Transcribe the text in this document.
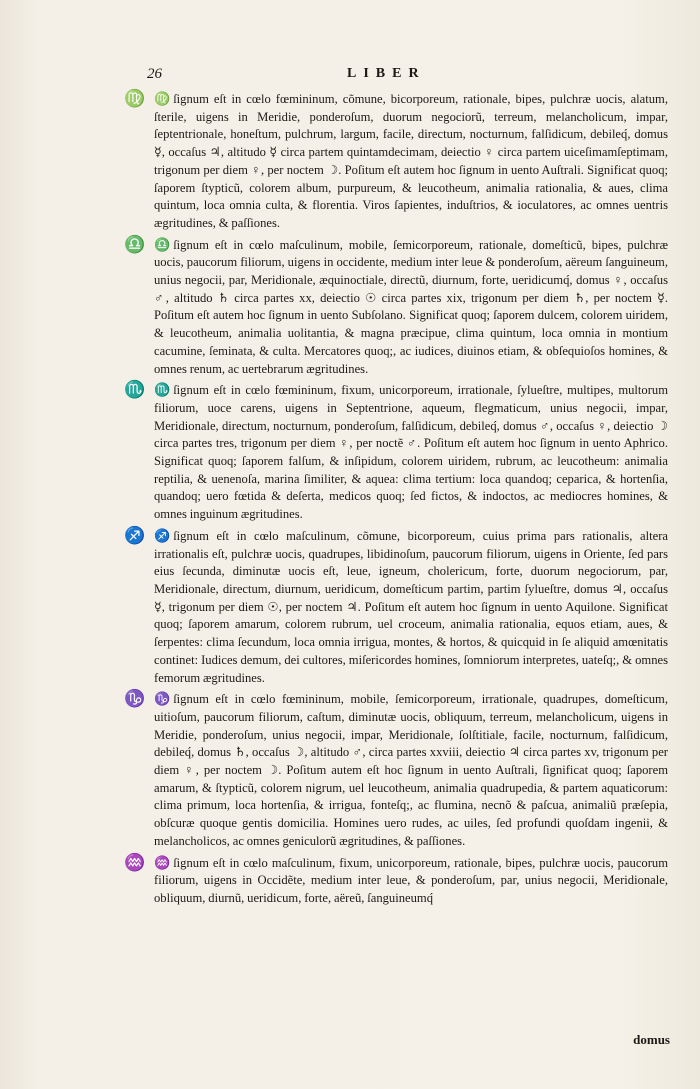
26	LIBER
♍ ♍ ſignum eſt in cœlo fœmininum, cõmune, bicorporeum, rationale, bipes, pulchræ uocis, alatum, ſterile, uigens in Meridie, ponderoſum, duorum negociorũ, terreum, melancholicum, impar, ſeptentrionale, honeſtum, pulchrum, largum, facile, directum, nocturnum, falſidicum, debileq́, domus ☿, occaſus ♃, altitudo ☿ circa partem quintamdecimam, deiectio ♀ circa partem uiceſimamſeptimam, trigonum per diem ♀, per noctem ☽. Poſitum eſt autem hoc ſignum in uento Auſtrali. Significat quoq; ſaporem ſtypticũ, colorem album, purpureum, & leucotheum, animalia rationalia, & aues, clima quintum, loca omnia culta, & florentia. Viros ſapientes, induſtrios, & ioculatores, ac omnes uentris ægritudines, & paſſiones.
♎ ♎ ſignum eſt in cœlo maſculinum, mobile, ſemicorporeum, rationale, domeſticũ, bipes, pulchræ uocis, paucorum filiorum, uigens in occidente, medium inter leue & ponderoſum, aëreum ſanguineum, unius negocii, par, Meridionale, æquinoctiale, directũ, diurnum, forte, ueridicumq́, domus ♀, occaſus ♂, altitudo ♄ circa partes xx, deiectio ☉ circa partes xix, trigonum per diem ♄, per noctem ☿. Poſitum eſt autem hoc ſignum in uento Subſolano. Significat quoq; ſaporem dulcem, colorem uiridem, & leucotheum, animalia uolitantia, & magna præcipue, clima quintum, loca omnia in montium cacumine, ſeminata, & culta. Mercatores quoq;, ac iudices, diuinos etiam, & obſequioſos homines, & omnes renum, ac uertebrarum ægritudines.
♏ ♏ ſignum eſt in cœlo fœmininum, fixum, unicorporeum, irrationale, ſylueſtre, multipes, multorum filiorum, uoce carens, uigens in Septentrione, aqueum, flegmaticum, unius negocii, impar, Meridionale, directum, nocturnum, ponderoſum, falſidicum, debileq́, domus ♂, occaſus ♀, deiectio ☽ circa partes tres, trigonum per diem ♀, per noctẽ ♂. Poſitum eſt autem hoc ſignum in uento Aphrico. Significat quoq; ſaporem falſum, & inſipidum, colorem uiridem, rubrum, ac leucotheum: animalia reptilia, & uenenoſa, marina ſimiliter, & aquea: clima tertium: loca quandoq; ceparica, & hortenſia, quandoq; uero fœtida & deſerta, medicos quoq; ſed fictos, & indoctos, ac mediocres homines, & omnes inguinum ægritudines.
♐ ♐ ſignum eſt in cœlo maſculinum, cõmune, bicorporeum, cuius prima pars rationalis, altera irrationalis eſt, pulchræ uocis, quadrupes, libidinoſum, paucorum filiorum, uigens in Oriente, ſed pars eius ſecunda, diminutæ uocis eſt, leue, igneum, cholericum, forte, duorum negociorum, par, Meridionale, directum, diurnum, ueridicum, domeſticum partim, partim ſylueſtre, domus ♃, occaſus ☿, trigonum per diem ☉, per noctem ♃. Poſitum eſt autem hoc ſignum in uento Aquilone. Significat quoq; ſaporem amarum, colorem rubrum, uel croceum, animalia rationalia, equos etiam, aues, & ſerpentes: clima ſecundum, loca omnia irrigua, montes, & hortos, & quicquid in ſe aliquid amœnitatis continet: Iudices demum, dei cultores, miſericordes homines, ſomniorum interpretes, uateſq;, & omnes femorum ægritudines.
♑ ♑ ſignum eſt in cœlo fœmininum, mobile, ſemicorporeum, irrationale, quadrupes, domeſticum, uitioſum, paucorum filiorum, caſtum, diminutæ uocis, obliquum, terreum, melancholicum, uigens in Meridie, ponderoſum, unius negocii, impar, Meridionale, ſolſtitiale, facile, nocturnum, falſidicum, debileq́, domus ♄, occaſus ☽, altitudo ♂, circa partes xxviii, deiectio ♃ circa partes xv, trigonum per diem ♀, per noctem ☽. Poſitum autem eſt hoc ſignum in uento Auſtrali, ſignificat quoq; ſaporem amarum, & ſtypticũ, colorem nigrum, uel leucotheum, animalia quadrupedia, & partem aquaticorum: clima primum, loca hortenſia, & irrigua, fonteſq;, ac flumina, necnõ & paſcua, animaliũ præſepia, obſcuræ quoque gentis domicilia. Homines uero rudes, ac uiles, ſed profundi quoſdam ingenii, & melancholicos, ac omnes geniculorũ ægritudines, & paſſiones.
♒ ♒ ſignum eſt in cœlo maſculinum, fixum, unicorporeum, rationale, bipes, pulchræ uocis, paucorum filiorum, uigens in Occidẽte, medium inter leue, & ponderoſum, par, unius negocii, Meridionale, obliquum, diurnũ, ueridicum, forte, aëreũ, ſanguineumq́
domus
